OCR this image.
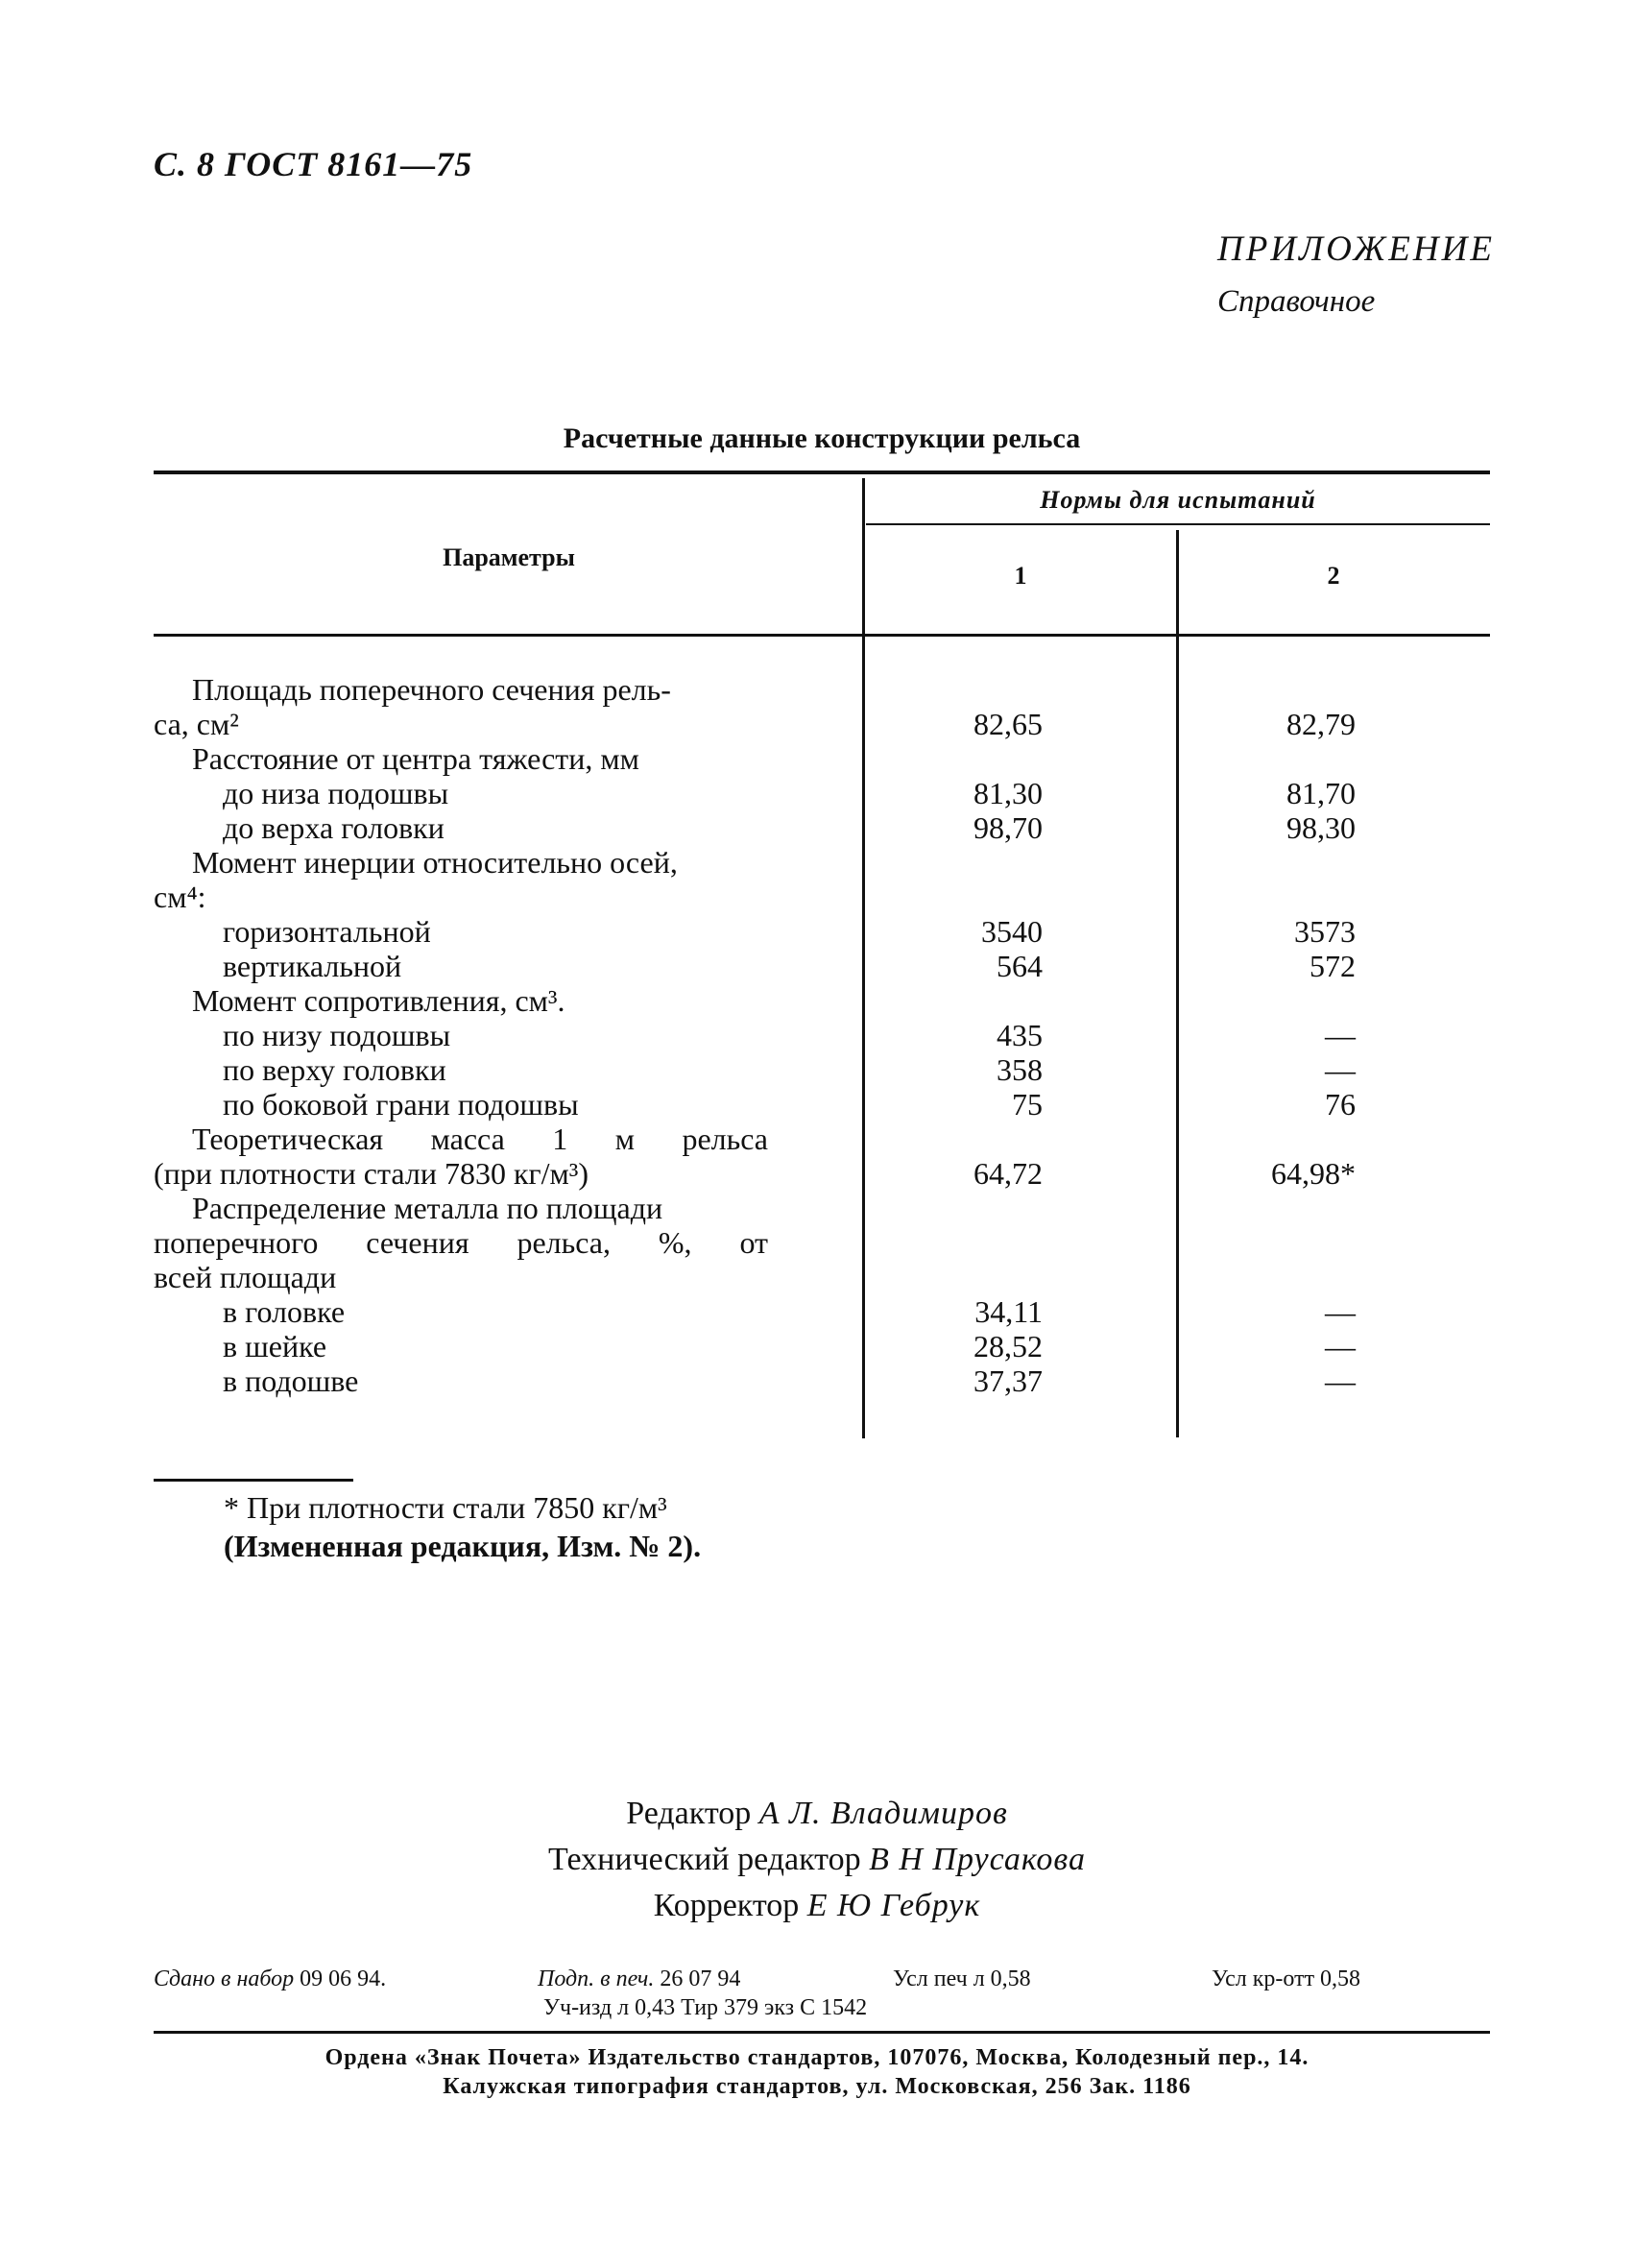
С. 8 ГОСТ 8161—75
ПРИЛОЖЕНИЕ
Справочное
Расчетные данные конструкции рельса
Параметры
Нормы для испытаний
1	2
Площадь поперечного сечения рель-
са, см²	82,65	82,79
Расстояние от центра тяжести, мм
до низа подошвы	81,30	81,70
до верха головки	98,70	98,30
Момент инерции относительно осей,
см⁴:
горизонтальной	3540	3573
вертикальной	564	572
Момент сопротивления, см³.
по низу подошвы	435	—
по верху головки	358	—
по боковой грани подошвы	75	76
Теоретическая масса 1 м рельса
(при плотности стали 7830 кг/м³)	64,72	64,98*
Распределение металла по площади
поперечного сечения рельса, %, от
всей площади
в головке	34,11	—
в шейке	28,52	—
в подошве	37,37	—
* При плотности стали 7850 кг/м³
(Измененная редакция, Изм. № 2).
Редактор А Л. Владимиров
Технический редактор В Н Прусакова
Корректор Е Ю Гебрук
Сдано в набор 09 06 94.	Подп. в печ. 26 07 94	Усл печ л 0,58	Усл кр-отт 0,58
Уч-изд л 0,43 Тир 379 экз С 1542
Ордена «Знак Почета» Издательство стандартов, 107076, Москва, Колодезный пер., 14.
Калужская типография стандартов, ул. Московская, 256 Зак. 1186
